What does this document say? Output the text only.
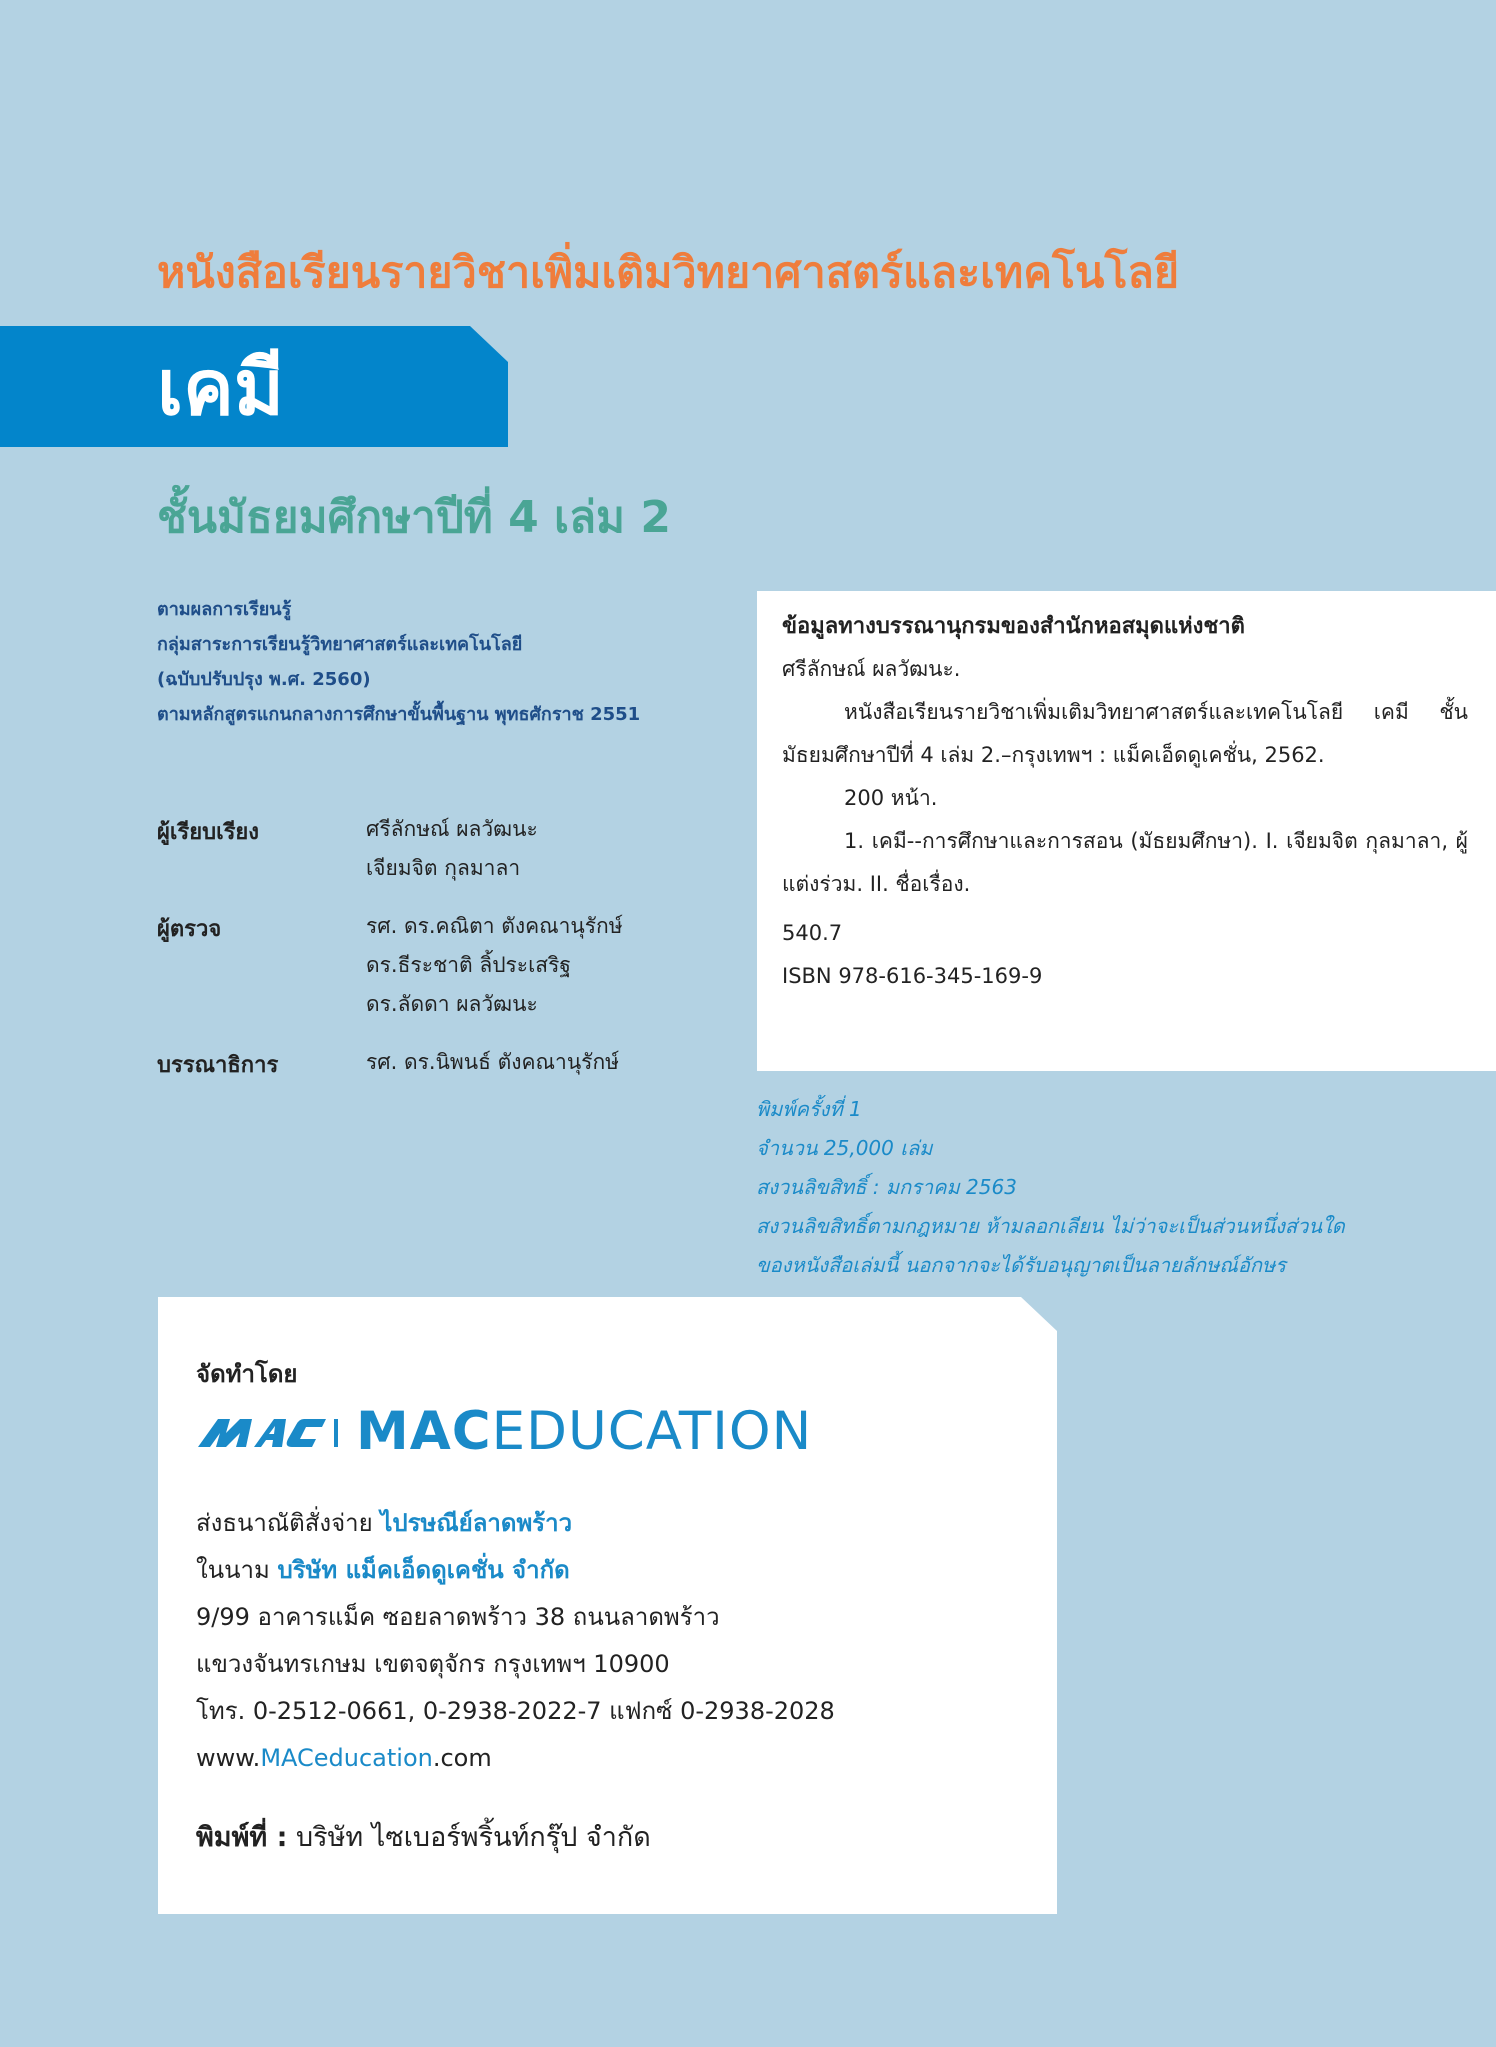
หนังสือเรียนรายวิชาเพิ่มเติมวิทยาศาสตร์และเทคโนโลยี
เคมี
ชั้นมัธยมศึกษาปีที่ 4 เล่ม 2
ตามผลการเรียนรู้
กลุ่มสาระการเรียนรู้วิทยาศาสตร์และเทคโนโลยี
(ฉบับปรับปรุง พ.ศ. 2560)
ตามหลักสูตรแกนกลางการศึกษาขั้นพื้นฐาน พุทธศักราช 2551
ผู้เรียบเรียง	ศรีลักษณ์ ผลวัฒนะ
เจียมจิต กุลมาลา
ผู้ตรวจ	รศ. ดร.คณิตา ตังคณานุรักษ์
ดร.ธีระชาติ ลิ้ประเสริฐ
ดร.ลัดดา ผลวัฒนะ
บรรณาธิการ	รศ. ดร.นิพนธ์ ตังคณานุรักษ์
ข้อมูลทางบรรณานุกรมของสำนักหอสมุดแห่งชาติ
ศรีลักษณ์ ผลวัฒนะ.
หนังสือเรียนรายวิชาเพิ่มเติมวิทยาศาสตร์และเทคโนโลยี เคมี ชั้นมัธยมศึกษาปีที่ 4 เล่ม 2.–กรุงเทพฯ : แม็คเอ็ดดูเคชั่น, 2562.
200 หน้า.
1. เคมี--การศึกษาและการสอน (มัธยมศึกษา). I. เจียมจิต กุลมาลา, ผู้แต่งร่วม. II. ชื่อเรื่อง.
540.7
ISBN 978-616-345-169-9
พิมพ์ครั้งที่ 1
จำนวน 25,000 เล่ม
สงวนลิขสิทธิ์ : มกราคม 2563
สงวนลิขสิทธิ์ตามกฎหมาย ห้ามลอกเลียน ไม่ว่าจะเป็นส่วนหนึ่งส่วนใด
ของหนังสือเล่มนี้ นอกจากจะได้รับอนุญาตเป็นลายลักษณ์อักษร
จัดทำโดย
MACEDUCATION
ส่งธนาณัติสั่งจ่าย ไปรษณีย์ลาดพร้าว
ในนาม บริษัท แม็คเอ็ดดูเคชั่น จำกัด
9/99 อาคารแม็ค ซอยลาดพร้าว 38 ถนนลาดพร้าว
แขวงจันทรเกษม เขตจตุจักร กรุงเทพฯ 10900
โทร. 0-2512-0661, 0-2938-2022-7 แฟกซ์ 0-2938-2028
www.MACeducation.com
พิมพ์ที่ : บริษัท ไซเบอร์พริ้นท์กรุ๊ป จำกัด
